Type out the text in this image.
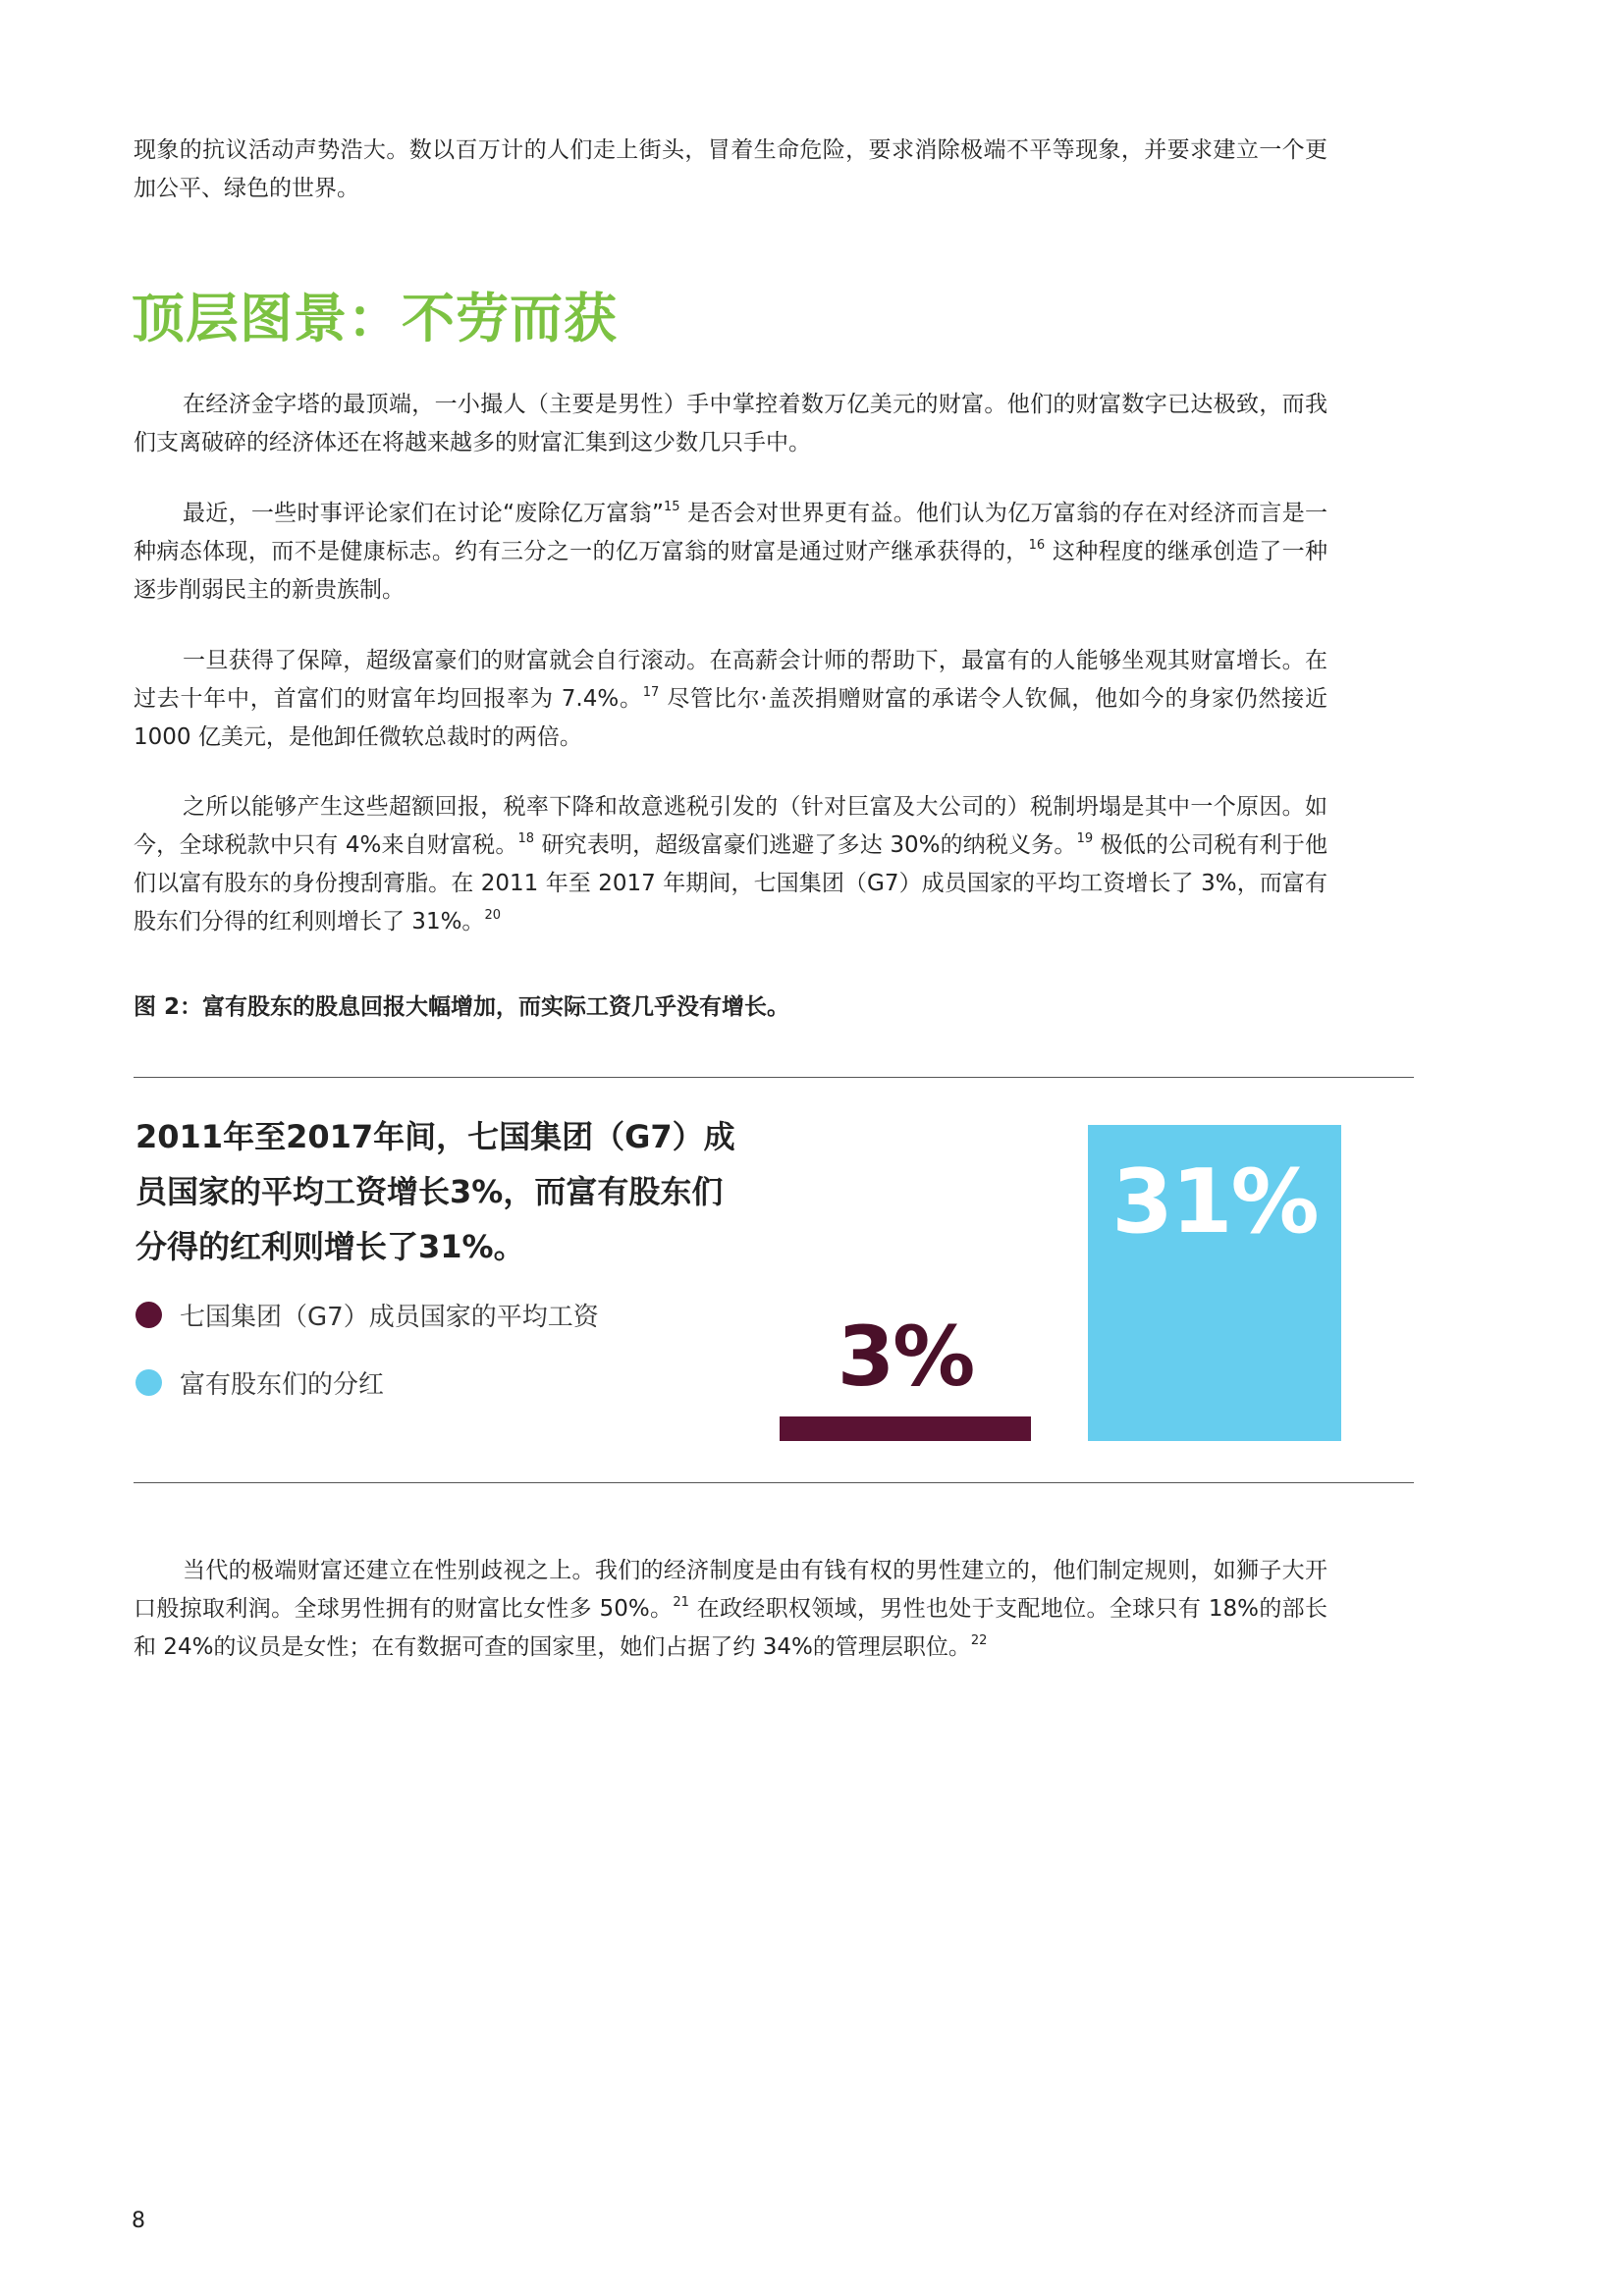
现象的抗议活动声势浩大。数以百万计的人们走上街头，冒着生命危险，要求消除极端不平等现象，并要求建立一个更加公平、绿色的世界。

顶层图景：不劳而获

在经济金字塔的最顶端，一小撮人（主要是男性）手中掌控着数万亿美元的财富。他们的财富数字已达极致，而我们支离破碎的经济体还在将越来越多的财富汇集到这少数几只手中。

最近，一些时事评论家们在讨论“废除亿万富翁”$^{15}$ 是否会对世界更有益。他们认为亿万富翁的存在对经济而言是一种病态体现，而不是健康标志。约有三分之一的亿万富翁的财富是通过财产继承获得的，$^{16}$ 这种程度的继承创造了一种逐步削弱民主的新贵族制。

一旦获得了保障，超级富豪们的财富就会自行滚动。在高薪会计师的帮助下，最富有的人能够坐观其财富增长。在过去十年中，首富们的财富年均回报率为 7.4%。$^{17}$ 尽管比尔·盖茨捐赠财富的承诺令人钦佩，他如今的身家仍然接近 1000 亿美元，是他卸任微软总裁时的两倍。

之所以能够产生这些超额回报，税率下降和故意逃税引发的（针对巨富及大公司的）税制坍塌是其中一个原因。如今，全球税款中只有 4%来自财富税。$^{18}$ 研究表明，超级富豪们逃避了多达 30%的纳税义务。$^{19}$ 极低的公司税有利于他们以富有股东的身份搜刮膏脂。在 2011 年至 2017 年期间，七国集团（G7）成员国家的平均工资增长了 3%，而富有股东们分得的红利则增长了 31%。$^{20}$

图 2：富有股东的股息回报大幅增加，而实际工资几乎没有增长。

2011年至2017年间，七国集团（G7）成员国家的平均工资增长3%，而富有股东们分得的红利则增长了31%。

七国集团（G7）成员国家的平均工资
富有股东们的分红	3%
31%

当代的极端财富还建立在性别歧视之上。我们的经济制度是由有钱有权的男性建立的，他们制定规则，如狮子大开口般掠取利润。全球男性拥有的财富比女性多 50%。$^{21}$ 在政经职权领域，男性也处于支配地位。全球只有 18%的部长和 24%的议员是女性；在有数据可查的国家里，她们占据了约 34%的管理层职位。$^{22}$

8
